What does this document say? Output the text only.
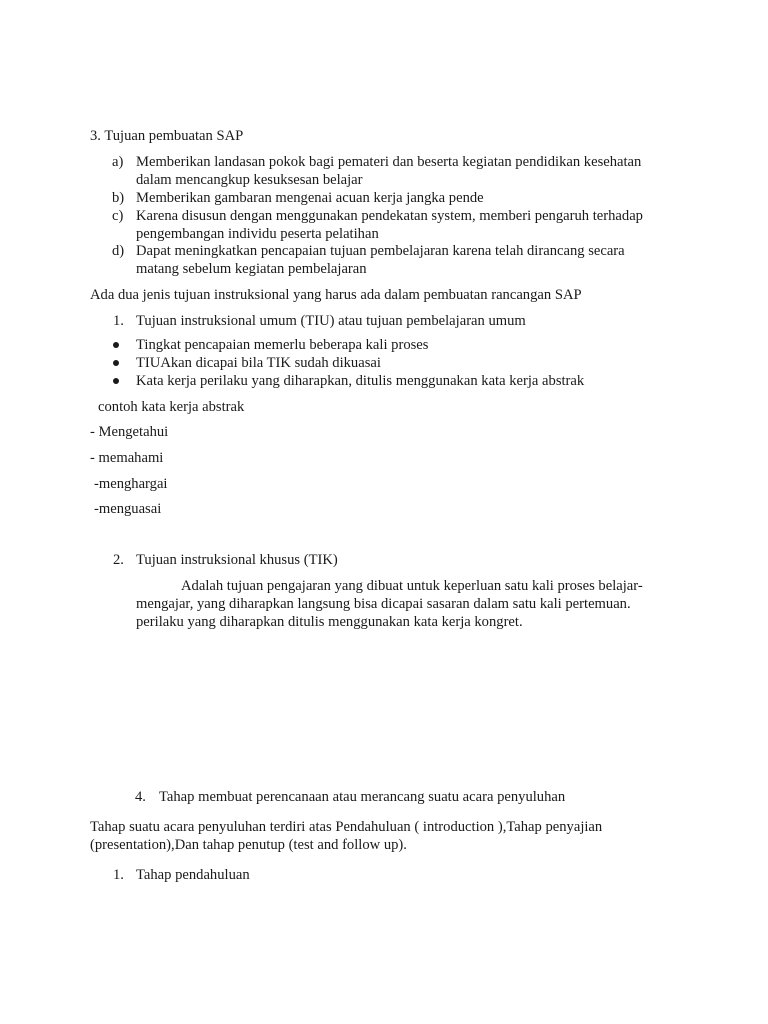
3. Tujuan pembuatan SAP
a) Memberikan landasan pokok bagi pemateri dan beserta kegiatan pendidikan kesehatan
dalam mencangkup kesuksesan belajar
b) Memberikan gambaran mengenai acuan kerja jangka pende
c) Karena disusun dengan menggunakan pendekatan system, memberi pengaruh terhadap
pengembangan individu peserta pelatihan
d) Dapat meningkatkan pencapaian tujuan pembelajaran karena telah dirancang secara
matang sebelum kegiatan pembelajaran
Ada dua jenis tujuan instruksional yang harus ada dalam pembuatan rancangan SAP
1. Tujuan instruksional umum (TIU) atau tujuan pembelajaran umum
Tingkat pencapaian memerlu beberapa kali proses
TIUAkan dicapai bila TIK sudah dikuasai
Kata kerja perilaku yang diharapkan, ditulis menggunakan kata kerja abstrak
contoh kata kerja abstrak
- Mengetahui
- memahami
-menghargai
-menguasai
2. Tujuan instruksional khusus (TIK)
Adalah tujuan pengajaran yang dibuat untuk keperluan satu kali proses belajar-
mengajar, yang diharapkan langsung bisa dicapai sasaran dalam satu kali pertemuan.
perilaku yang diharapkan ditulis menggunakan kata kerja kongret.
4. Tahap membuat perencanaan atau merancang suatu acara penyuluhan
Tahap suatu acara penyuluhan terdiri atas Pendahuluan ( introduction ),Tahap penyajian
(presentation),Dan tahap penutup (test and follow up).
1. Tahap pendahuluan
